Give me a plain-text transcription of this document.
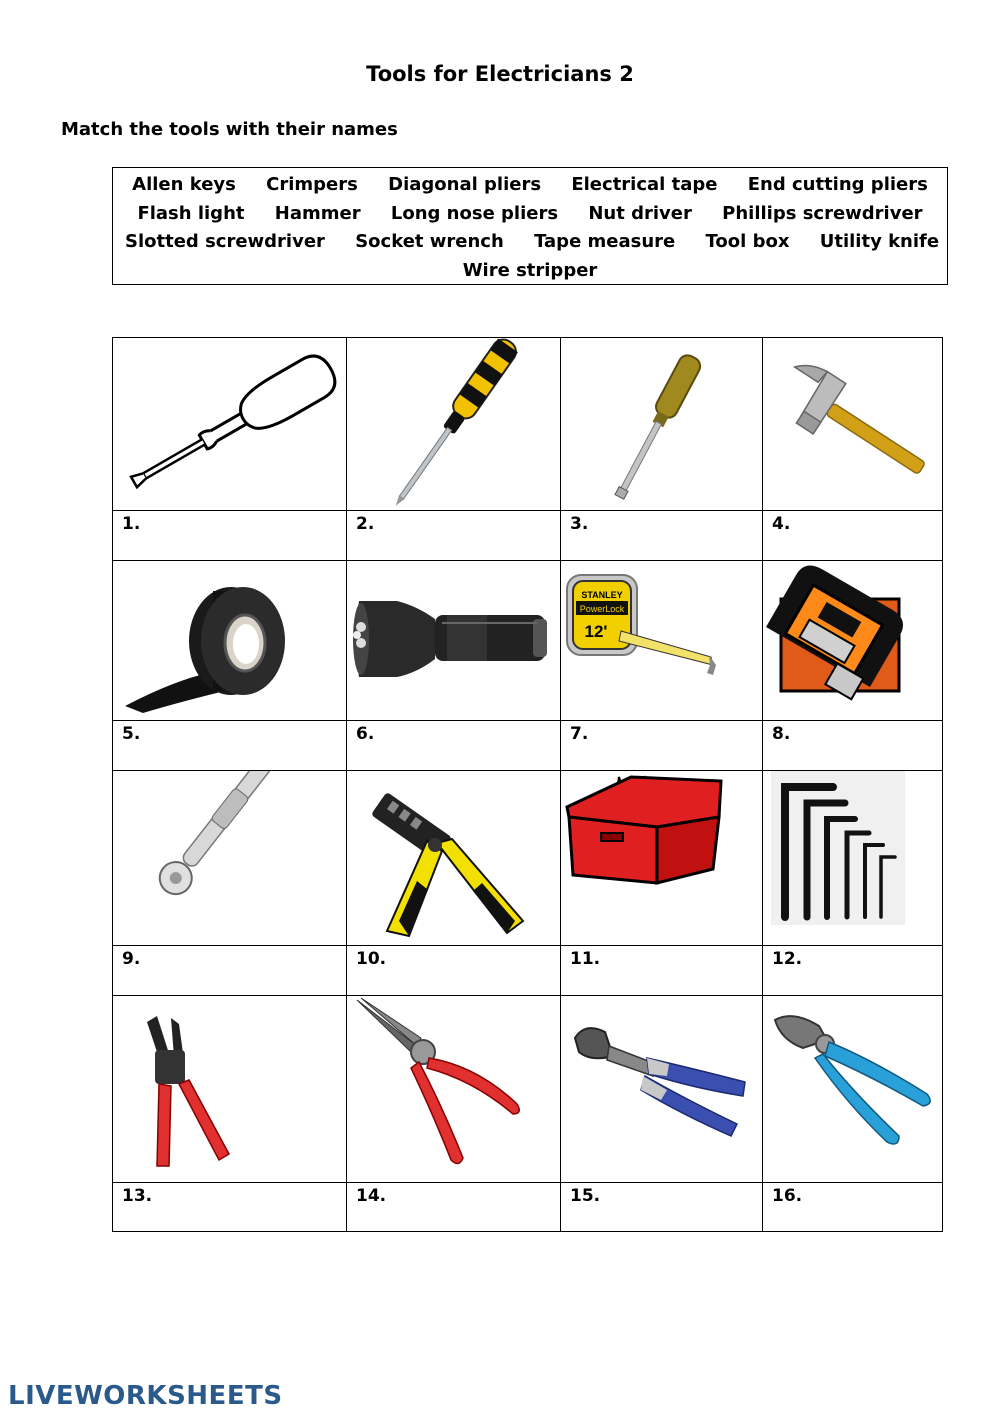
Tools for Electricians 2
Match the tools with their names
Allen keys Crimpers Diagonal pliers Electrical tape End cutting pliers
Flash light Hammer Long nose pliers Nut driver Phillips screwdriver
Slotted screwdriver Socket wrench Tape measure Tool box Utility knife
Wire stripper
STANLEY
PowerLock
12'
1.	2.	3.	4.
5.	6.	7.	8.
9.	10.	11.	12.
13.	14.	15.	16.
LIVEWORKSHEETS
